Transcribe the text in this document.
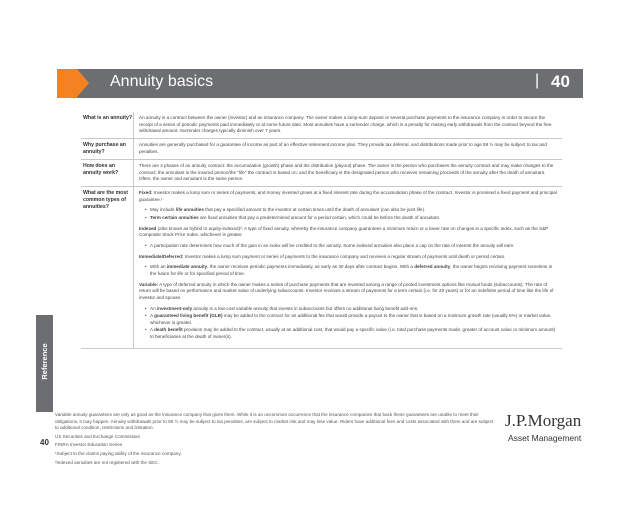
Annuity basics	| 40
What is an annuity?	An annuity is a contract between the owner (investor) and an insurance company. The owner makes a lump-sum deposit or several purchase payments to the insurance company in order to secure the receipt of a series of periodic payments paid immediately or at some future date. Most annuities have a surrender charge, which is a penalty for making early withdrawals from the contract beyond the free withdrawal amount. Surrender charges typically diminish over 7 years.
Why purchase an annuity?
Annuities are generally purchased for a guarantee of income as part of an effective retirement income plan. They provide tax deferral, and distributions made prior to age 59 ½ may be subject to tax and penalties.
How does an annuity work?
There are 2 phases of an annuity contract: the accumulation (growth) phase and the distribution (payout) phase. The owner is the person who purchases the annuity contract and may make changes to the contract; the annuitant is the insured person/the "life" the contract is based on; and the beneficiary is the designated person who receives remaining proceeds of the annuity after the death of annuitant. Often, the owner and annuitant is the same person.
What are the most common types of annuities?

Fixed: Investor makes a lump sum or series of payments, and money invested grows at a fixed interest rate during the accumulation phase of the contract. Investor is promised a fixed payment and principal guarantee.¹

• May include life annuities that pay a specified amount to the investor at certain times until the death of annuitant (can also be joint life).
• Term certain annuities are fixed annuities that pay a predetermined amount for a period certain, which could be before the death of annuitant.

Indexed (also known as hybrid or equity-indexed)²: A type of fixed annuity, whereby the insurance company guarantees a minimum return or a lower rate on changes in a specific index, such as the S&P Composite Stock Price Index, whichever is greater.

• A participation rate determines how much of the gain in an index will be credited to the annuity. Some indexed annuities also place a cap on the rate of interest the annuity will earn.

Immediate/Deferred: Investor makes a lump sum payment or series of payments to the insurance company and receives a regular stream of payments until death or period certain.

• With an immediate annuity, the owner receives periodic payments immediately, as early as 30 days after contract begins. With a deferred annuity, the owner begins receiving payment sometime in the future for life or for specified period of time.

Variable: A type of deferred annuity in which the owner makes a series of purchase payments that are invested among a range of pooled investment options like mutual funds (subaccounts). The rate of return will be based on performance and market value of underlying subaccounts. Investor receives a stream of payments for a term certain (i.e. for 20 years) or for an indefinite period of time like the life of investor and spouse.

• An investment-only annuity is a low-cost variable annuity that invests in subaccounts but offers no additional living benefit add-ons.
• A guaranteed living benefit (GLB) may be added to the contract for an additional fee that would provide a payout to the owner that is based on a minimum growth rate (usually 5%) or market value, whichever is greater.
• A death benefit provision may be added to the contract, usually at an additional cost, that would pay a specific value (i.e. total purchase payments made, greater of account value or minimum amount) to beneficiaries at the death of owner(s).
Reference
Variable annuity guarantees are only as good as the insurance company that gives them. While it is an uncommon occurrence that the insurance companies that back these guarantees are unable to meet their obligations, it may happen. Annuity withdrawals prior to 59 ½ may be subject to tax penalties, are subject to market risk and may lose value. Riders have additional fees and costs associated with them and are subject to additional condition, restrictions and limitation.
US Securities and Exchange Commission
FINRA Investor Education Series
¹Subject to the claims paying ability of the insurance company.
²Indexed annuities are not registered with the SEC.
40
J.P.Morgan
Asset Management
